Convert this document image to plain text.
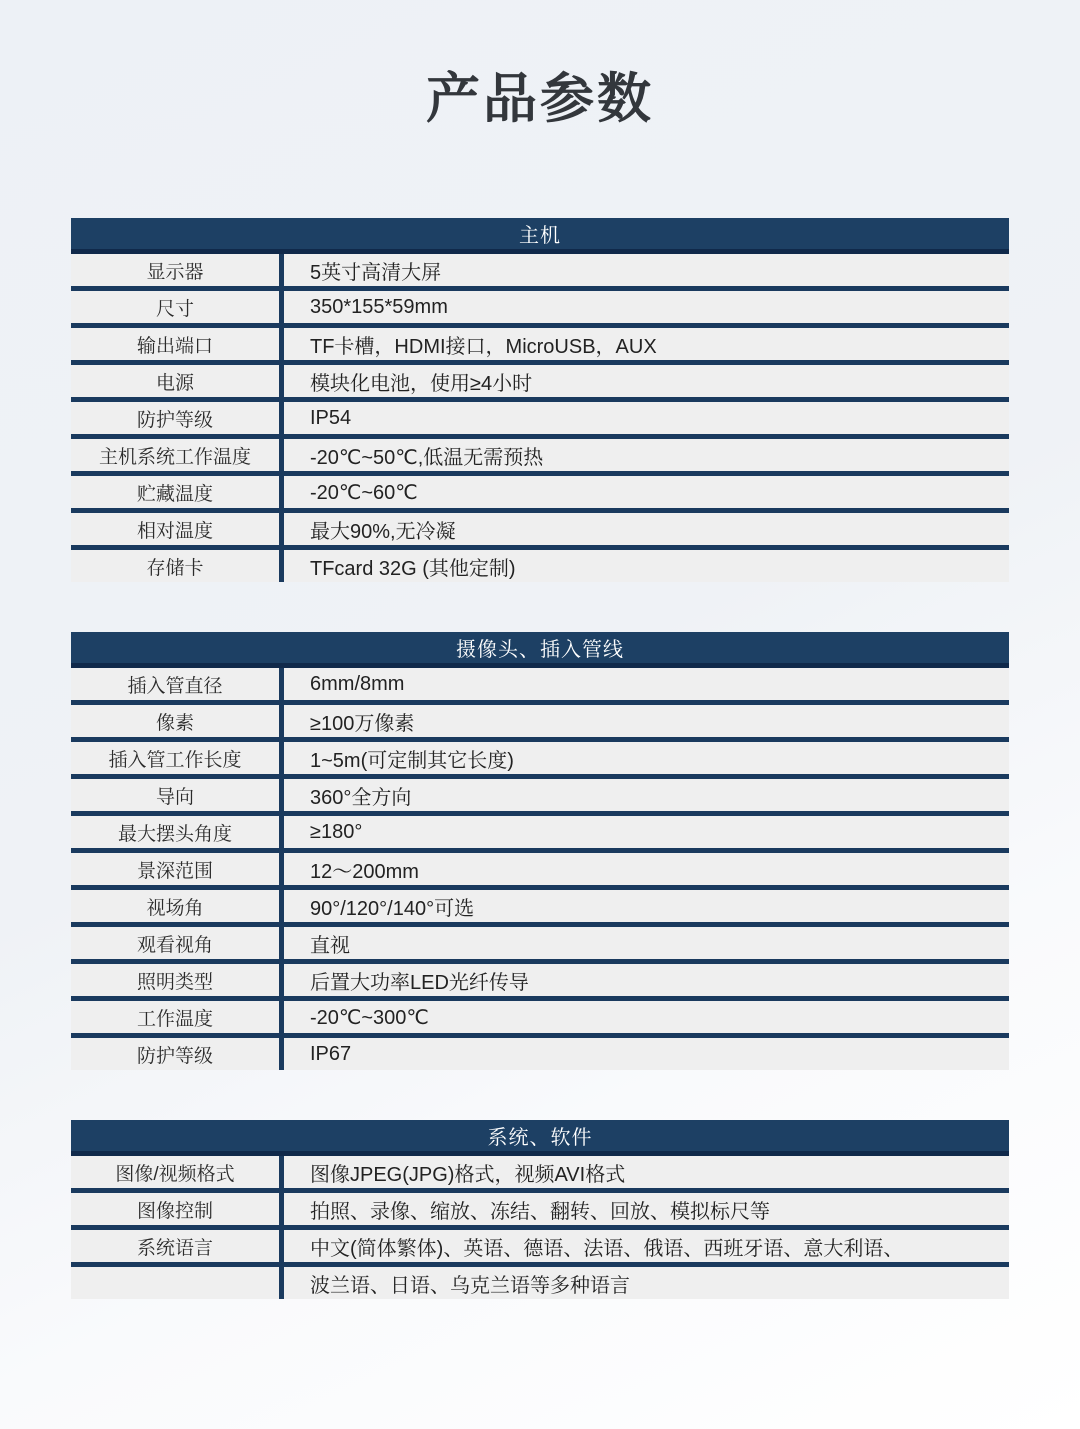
产品参数
主机
显示器	5英寸高清大屏
尺寸	350*155*59mm
输出端口	TF卡槽，HDMI接口，MicroUSB，AUX
电源	模块化电池，使用≥4小时
防护等级	IP54
主机系统工作温度	-20℃~50℃,低温无需预热
贮藏温度	-20℃~60℃
相对温度	最大90%,无冷凝
存储卡	TFcard 32G (其他定制)
摄像头、插入管线
插入管直径	6mm/8mm
像素	≥100万像素
插入管工作长度	1~5m(可定制其它长度)
导向	360°全方向
最大摆头角度	≥180°
景深范围	12～200mm
视场角	90°/120°/140°可选
观看视角	直视
照明类型	后置大功率LED光纤传导
工作温度	-20℃~300℃
防护等级	IP67
系统、软件
图像/视频格式	图像JPEG(JPG)格式，视频AVI格式
图像控制	拍照、录像、缩放、冻结、翻转、回放、模拟标尺等
系统语言	中文(简体繁体)、英语、德语、法语、俄语、西班牙语、意大利语、
波兰语、日语、乌克兰语等多种语言
